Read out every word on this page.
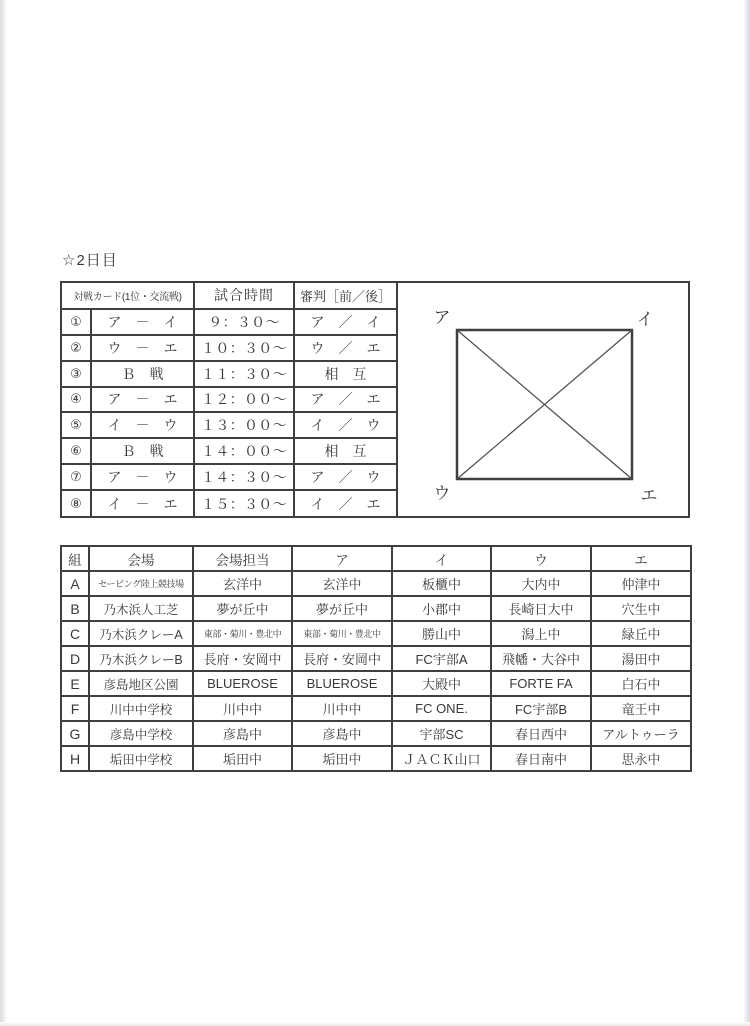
☆2日目
対戦カード(1位・交流戦)		試合時間	審判［前／後］
①	ア　－　イ	９：３０～	ア　／　イ
②	ウ　－　エ	１０：３０～	ウ　／　エ
③	Ｂ　戦	１１：３０～	相　互
④	ア　－　エ	１２：００～	ア　／　エ
⑤	イ　－　ウ	１３：００～	イ　／　ウ
⑥	Ｂ　戦	１４：００～	相　互
⑦	ア　－　ウ	１４：３０～	ア　／　ウ
⑧	イ　－　エ	１５：３０～	イ　／　エ
ア	イ
ウ	エ
組	会場	会場担当	ア	イ	ウ	エ
A	セービング陸上競技場	玄洋中	玄洋中	板櫃中	大内中	仲津中
B	乃木浜人工芝	夢が丘中	夢が丘中	小郡中	長崎日大中	穴生中
C	乃木浜クレーA	東部・菊川・豊北中	東部・菊川・豊北中	勝山中	潟上中	緑丘中
D	乃木浜クレーB	長府・安岡中	長府・安岡中	FC宇部A	飛幡・大谷中	湯田中
E	彦島地区公園	BLUEROSE	BLUEROSE	大殿中	FORTE FA	白石中
F	川中中学校	川中中	川中中	FC ONE.	FC宇部B	竜王中
G	彦島中学校	彦島中	彦島中	宇部SC	春日西中	アルトゥーラ
H	垢田中学校	垢田中	垢田中	ＪＡＣＫ山口	春日南中	思永中
